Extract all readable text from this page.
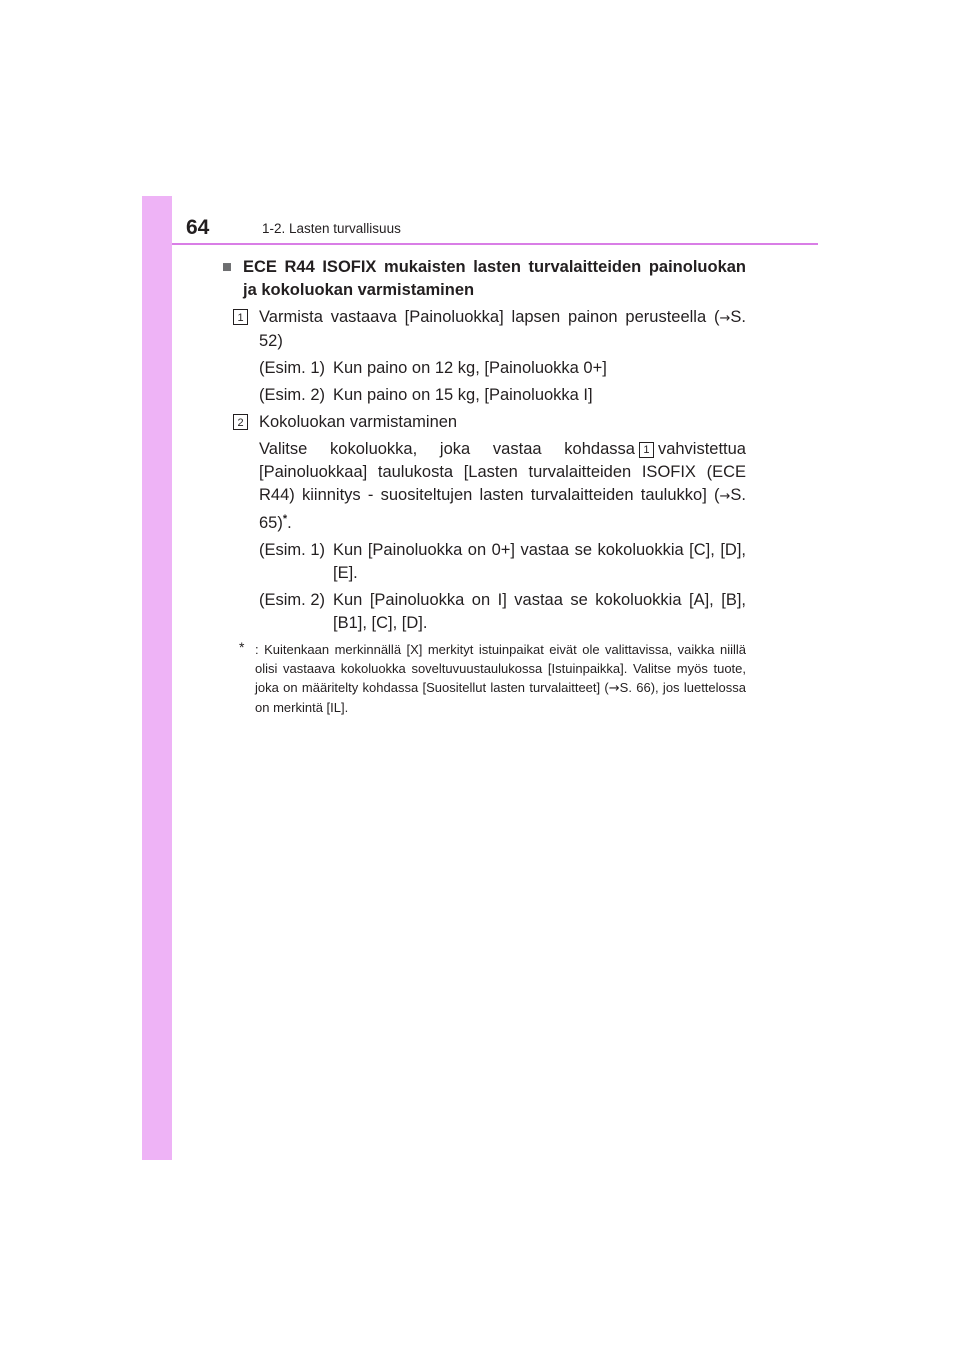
64	1-2. Lasten turvallisuus
■ ECE R44 ISOFIX mukaisten lasten turvalaitteiden painoluokan ja kokoluokan varmistaminen
1 Varmista vastaava [Painoluokka] lapsen painon perusteella (→S. 52)

(Esim. 1) Kun paino on 12 kg, [Painoluokka 0+]

(Esim. 2) Kun paino on 15 kg, [Painoluokka I]

2 Kokoluokan varmistaminen

Valitse kokoluokka, joka vastaa kohdassa 1 vahvistettua [Painoluokkaa] taulukosta [Lasten turvalaitteiden ISOFIX (ECE R44) kiinnitys - suositeltujen lasten turvalaitteiden taulukko] (→S. 65)*.

(Esim. 1) Kun [Painoluokka on 0+] vastaa se kokoluokkia [C], [D], [E].

(Esim. 2) Kun [Painoluokka on I] vastaa se kokoluokkia [A], [B], [B1], [C], [D].

* : Kuitenkaan merkinnällä [X] merkityt istuinpaikat eivät ole valittavissa, vaikka niillä olisi vastaava kokoluokka soveltuvuustaulukossa [Istuinpaikka]. Valitse myös tuote, joka on määritelty kohdassa [Suositellut lasten turvalaitteet] (→S. 66), jos luettelossa on merkintä [IL].
